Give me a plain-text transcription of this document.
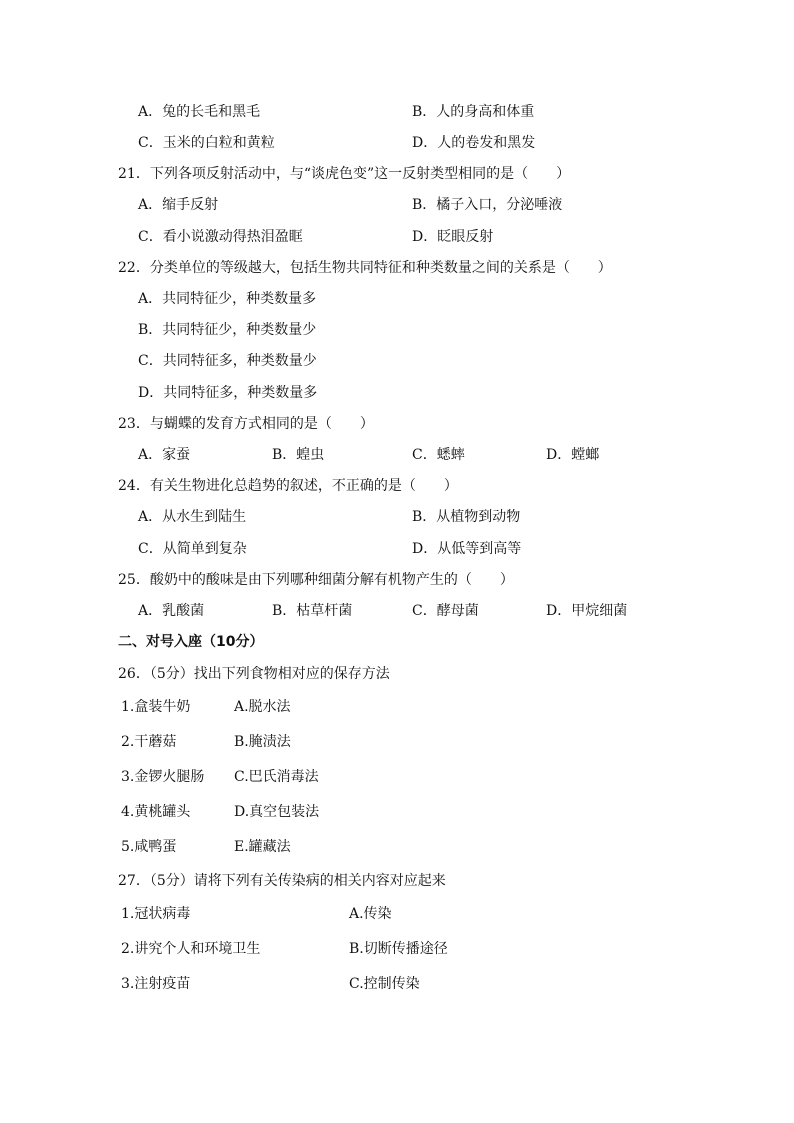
A．兔的长毛和黑毛	B．人的身高和体重
C．玉米的白粒和黄粒	D．人的卷发和黑发
21．下列各项反射活动中，与“谈虎色变”这一反射类型相同的是（　　）
A．缩手反射	B．橘子入口，分泌唾液
C．看小说激动得热泪盈眶	D．眨眼反射
22．分类单位的等级越大，包括生物共同特征和种类数量之间的关系是（　　）
A．共同特征少，种类数量多
B．共同特征少，种类数量少
C．共同特征多，种类数量少
D．共同特征多，种类数量多
23．与蝴蝶的发育方式相同的是（　　）
A．家蚕	B．蝗虫	C．蟋蟀	D．螳螂
24．有关生物进化总趋势的叙述，不正确的是（　　）
A．从水生到陆生	B．从植物到动物
C．从简单到复杂	D．从低等到高等
25．酸奶中的酸味是由下列哪种细菌分解有机物产生的（　　）
A．乳酸菌	B．枯草杆菌	C．酵母菌	D．甲烷细菌
二、对号入座（10分）
26．（5分）找出下列食物相对应的保存方法
1.盒装牛奶	A.脱水法
2.干蘑菇	B.腌渍法
3.金锣火腿肠 C.巴氏消毒法
4.黄桃罐头	D.真空包装法
5.咸鸭蛋	E.罐藏法
27．（5分）请将下列有关传染病的相关内容对应起来
1.冠状病毒	A.传染
2.讲究个人和环境卫生	B.切断传播途径
3.注射疫苗	C.控制传染
